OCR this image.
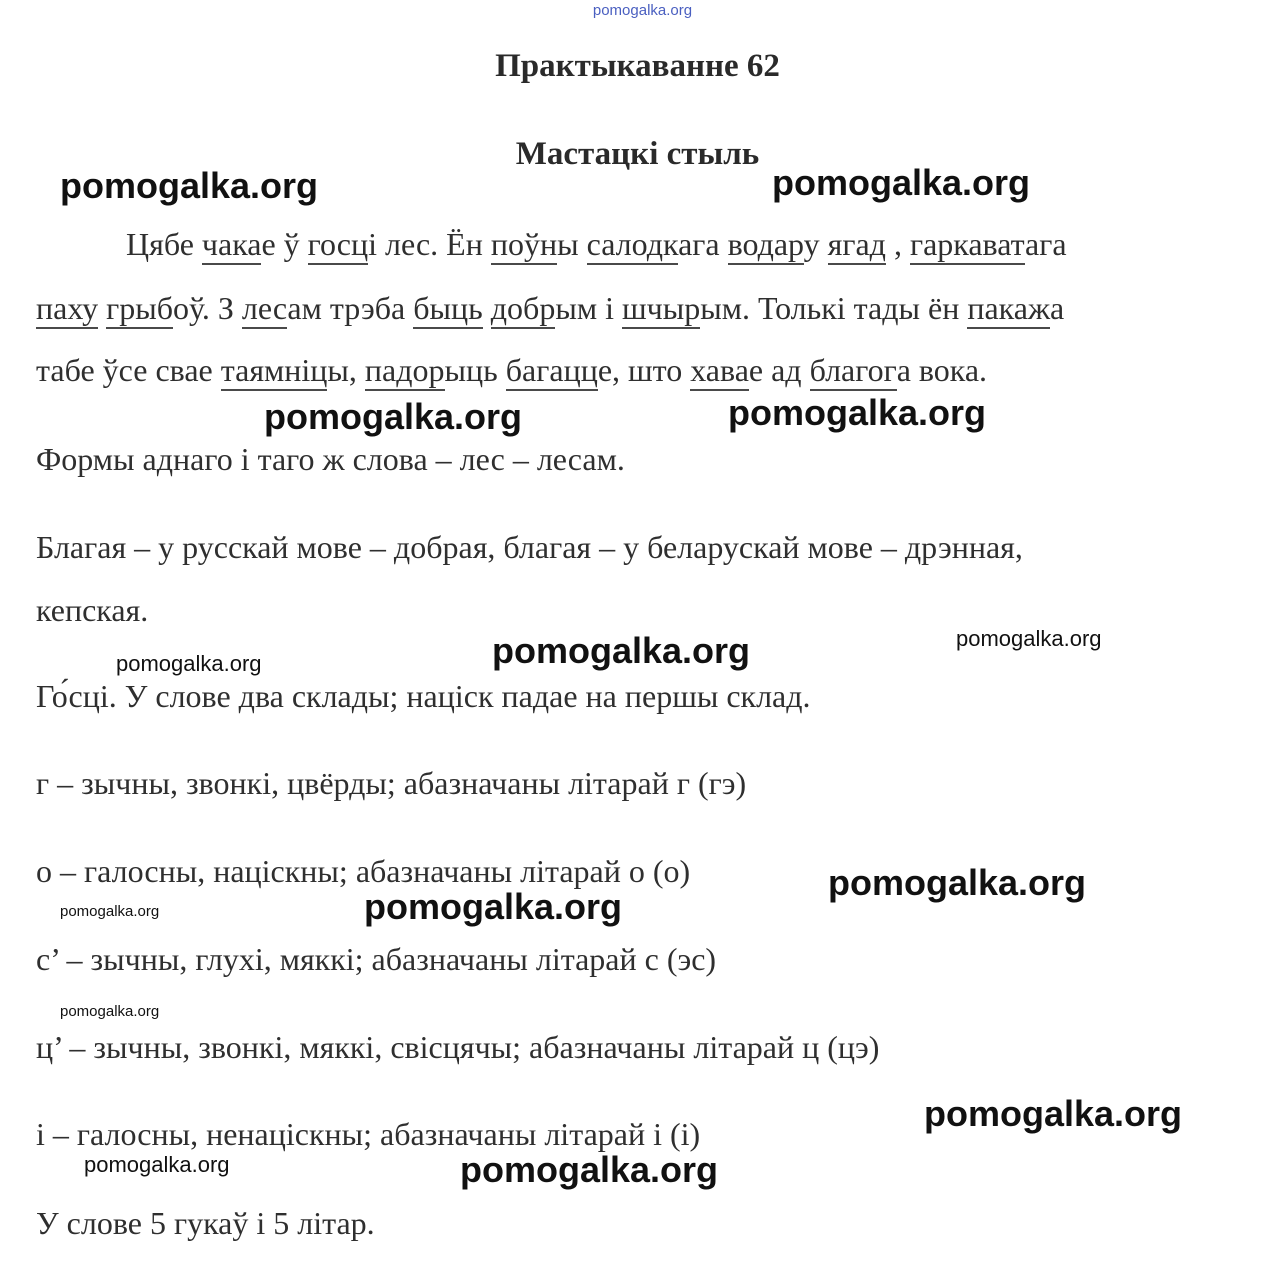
pomogalka.org
Практыкаванне 62
Мастацкі стыль
Цябе чакае ў госці лес. Ён поўны салодкага водару ягад , гаркаватага
паху грыбоў. З лесам трэба быць добрым і шчырым. Толькі тады ён пакажа
табе ўсе свае таямніцы, падорыць багацце, што хавае ад благога вока.
Формы аднаго і таго ж слова – лес – лесам.
Благая – у русскай мове – добрая, благая – у беларускай мове – дрэнная,
кепская.
Го́сці. У слове два склады; націск падае на першы склад.
г – зычны, звонкі, цвёрды; абазначаны літарай г (гэ)
о – галосны, націскны; абазначаны літарай о (о)
с’ – зычны, глухі, мяккі; абазначаны літарай с (эс)
ц’ – зычны, звонкі, мяккі, свісцячы; абазначаны літарай ц (цэ)
і – галосны, ненаціскны; абазначаны літарай і (і)
У слове 5 гукаў і 5 літар.
pomogalka.org	pomogalka.org
pomogalka.org	pomogalka.org
pomogalka.org	pomogalka.org
pomogalka.org
pomogalka.org
pomogalka.org
pomogalka.org
pomogalka.org
pomogalka.org
pomogalka.org	pomogalka.org
